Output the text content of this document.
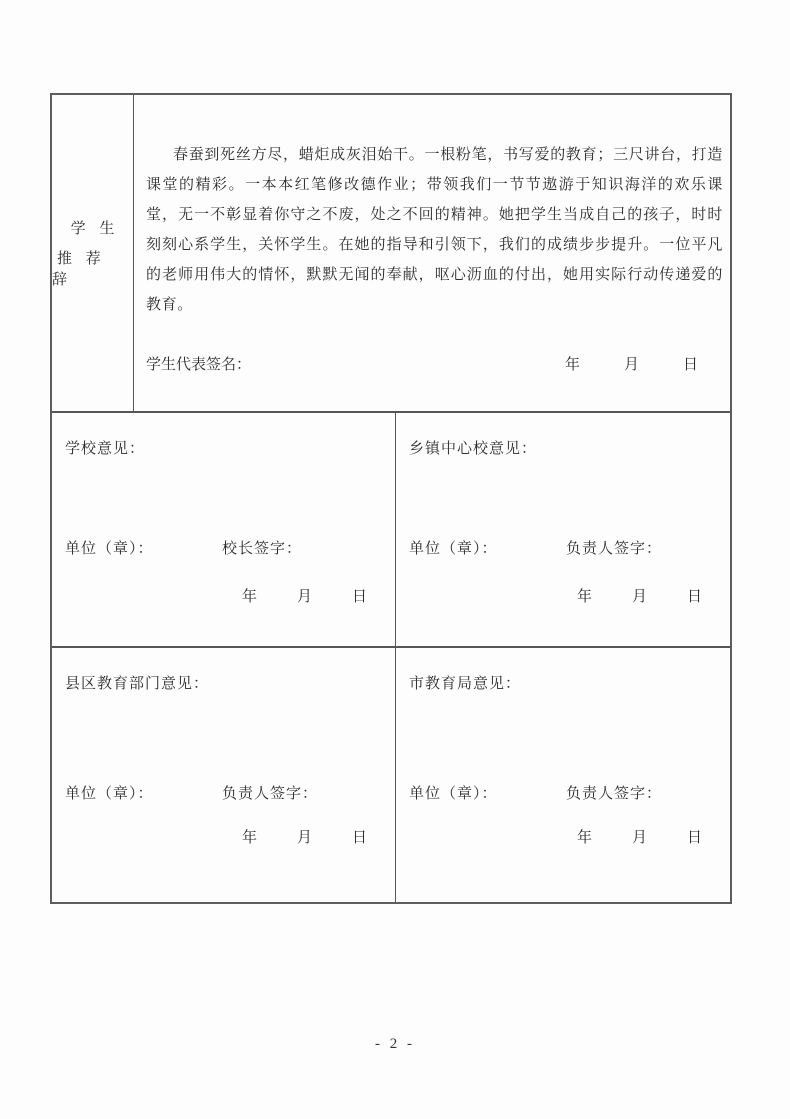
学 生
推 荐 辞

春蚕到死丝方尽，蜡炬成灰泪始干。一根粉笔，书写爱的教育；三尺讲台，打造课堂的精彩。一本本红笔修改德作业；带领我们一节节遨游于知识海洋的欢乐课堂，无一不彰显着你守之不废，处之不回的精神。她把学生当成自己的孩子，时时刻刻心系学生，关怀学生。在她的指导和引领下，我们的成绩步步提升。一位平凡的老师用伟大的情怀，默默无闻的奉献，呕心沥血的付出，她用实际行动传递爱的教育。

学生代表签名：	年	月	日
学校意见：
单位（章）：	校长签字：
年	月	日
乡镇中心校意见：
单位（章）：	负责人签字：
年	月	日
县区教育部门意见：
单位（章）：	负责人签字：
年	月	日
市教育局意见：
单位（章）：	负责人签字：
年	月	日
- 2 -
